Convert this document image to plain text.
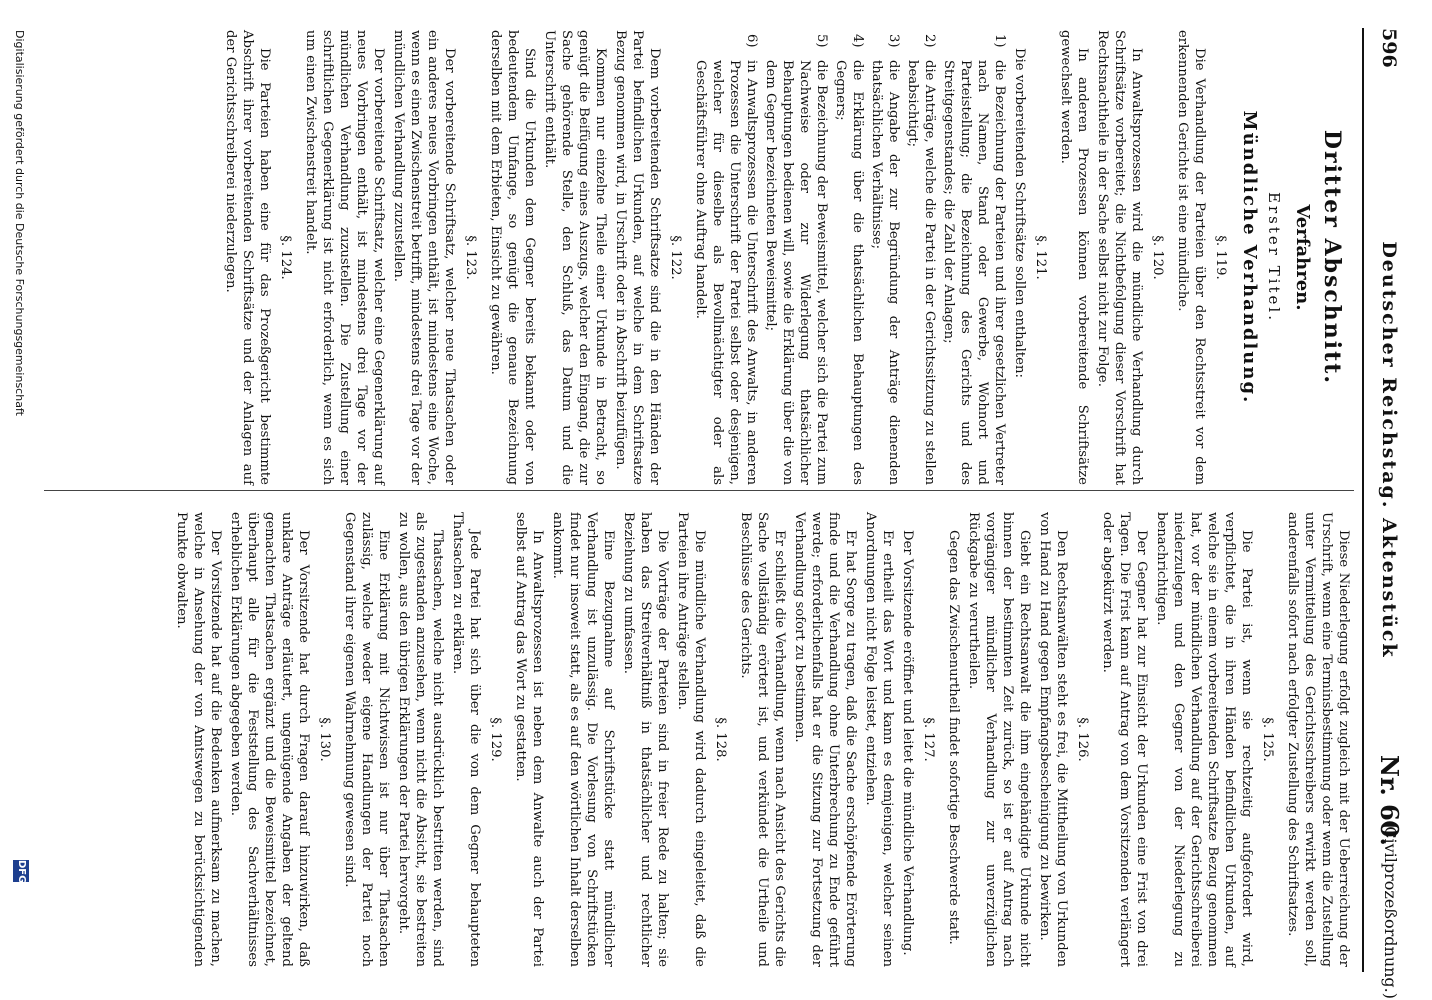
596
Deutscher Reichstag. Aktenstück
Nr. 60.
(Civilprozeßordnung.)

Dritter Abschnitt.

Verfahren.

Erster Titel.

Mündliche Verhandlung.

§. 119.

Die Verhandlung der Parteien über den Rechtsstreit vor dem erkennenden Gerichte ist eine mündliche.

§. 120.

In Anwaltsprozessen wird die mündliche Verhandlung durch Schriftsätze vorbereitet; die Nichtbefolgung dieser Vorschrift hat Rechtsnachtheile in der Sache selbst nicht zur Folge.

In anderen Prozessen können vorbereitende Schriftsätze gewechselt werden.

§. 121.

Die vorbereitenden Schriftsätze sollen enthalten:

1)
die Bezeichnung der Parteien und ihrer gesetzlichen Vertreter nach Namen, Stand oder Gewerbe, Wohnort und Parteistellung; die Bezeichnung des Gerichts und des Streitgegenstandes; die Zahl der Anlagen;

2)
die Anträge, welche die Partei in der Gerichtssitzung zu stellen beabsichtigt;

3)
die Angabe der zur Begründung der Anträge dienenden thatsächlichen Verhältnisse;

4)
die Erklärung über die thatsächlichen Behauptungen des Gegners;

5)
die Bezeichnung der Beweismittel, welcher sich die Partei zum Nachweise oder zur Widerlegung thatsächlicher Behauptungen bedienen will, sowie die Erklärung über die von dem Gegner bezeichneten Beweismittel;

6)
in Anwaltsprozessen die Unterschrift des Anwalts, in anderen Prozessen die Unterschrift der Partei selbst oder desjenigen, welcher für dieselbe als Bevollmächtigter oder als Geschäftsführer ohne Auftrag handelt.

§. 122.

Dem vorbereitenden Schriftsatze sind die in den Händen der Partei befindlichen Urkunden, auf welche in dem Schriftsatze Bezug genommen wird, in Urschrift oder in Abschrift beizufügen.

Kommen nur einzelne Theile einer Urkunde in Betracht, so genügt die Beifügung eines Auszugs, welcher den Eingang, die zur Sache gehörende Stelle, den Schluß, das Datum und die Unterschrift enthält.

Sind die Urkunden dem Gegner bereits bekannt oder von bedeutendem Umfange, so genügt die genaue Bezeichnung derselben mit dem Erbieten, Einsicht zu gewähren.

§. 123.

Der vorbereitende Schriftsatz, welcher neue Thatsachen oder ein anderes neues Vorbringen enthält, ist mindestens eine Woche, wenn es einen Zwischenstreit betrifft, mindestens drei Tage vor der mündlichen Verhandlung zuzustellen.

Der vorbereitende Schriftsatz, welcher eine Gegenerklärung auf neues Vorbringen enthält, ist mindestens drei Tage vor der mündlichen Verhandlung zuzustellen. Die Zustellung einer schriftlichen Gegenerklärung ist nicht erforderlich, wenn es sich um einen Zwischenstreit handelt.

§. 124.

Die Parteien haben eine für das Prozeßgericht bestimmte Abschrift ihrer vorbereitenden Schriftsätze und der Anlagen auf der Gerichtsschreiberei niederzulegen.

Diese Niederlegung erfolgt zugleich mit der Ueberreichung der Urschrift, wenn eine Terminsbestimmung oder wenn die Zustellung unter Vermittelung des Gerichtsschreibers erwirkt werden soll, anderenfalls sofort nach erfolgter Zustellung des Schriftsatzes.

§. 125.

Die Partei ist, wenn sie rechtzeitig aufgefordert wird, verpflichtet, die in ihren Händen befindlichen Urkunden, auf welche sie in einem vorbereitenden Schriftsatze Bezug genommen hat, vor der mündlichen Verhandlung auf der Gerichtsschreiberei niederzulegen und den Gegner von der Niederlegung zu benachrichtigen.

Der Gegner hat zur Einsicht der Urkunden eine Frist von drei Tagen. Die Frist kann auf Antrag von dem Vorsitzenden verlängert oder abgekürzt werden.

§. 126.

Den Rechtsanwälten steht es frei, die Mittheilung von Urkunden von Hand zu Hand gegen Empfangsbescheinigung zu bewirken.

Giebt ein Rechtsanwalt die ihm eingehändigte Urkunde nicht binnen der bestimmten Zeit zurück, so ist er auf Antrag nach vorgängiger mündlicher Verhandlung zur unverzüglichen Rückgabe zu verurtheilen.

Gegen das Zwischenurtheil findet sofortige Beschwerde statt.

§. 127.

Der Vorsitzende eröffnet und leitet die mündliche Verhandlung.

Er ertheilt das Wort und kann es demjenigen, welcher seinen Anordnungen nicht Folge leistet, entziehen.

Er hat Sorge zu tragen, daß die Sache erschöpfende Erörterung finde und die Verhandlung ohne Unterbrechung zu Ende geführt werde; erforderlichenfalls hat er die Sitzung zur Fortsetzung der Verhandlung sofort zu bestimmen.

Er schließt die Verhandlung, wenn nach Ansicht des Gerichts die Sache vollständig erörtert ist, und verkündet die Urtheile und Beschlüsse des Gerichts.

§. 128.

Die mündliche Verhandlung wird dadurch eingeleitet, daß die Parteien ihre Anträge stellen.

Die Vorträge der Parteien sind in freier Rede zu halten; sie haben das Streitverhältniß in thatsächlicher und rechtlicher Beziehung zu umfassen.

Eine Bezugnahme auf Schriftstücke statt mündlicher Verhandlung ist unzulässig. Die Vorlesung von Schriftstücken findet nur insoweit statt, als es auf den wörtlichen Inhalt derselben ankommt.

In Anwaltsprozessen ist neben dem Anwalte auch der Partei selbst auf Antrag das Wort zu gestatten.

§. 129.

Jede Partei hat sich über die von dem Gegner behaupteten Thatsachen zu erklären.

Thatsachen, welche nicht ausdrücklich bestritten werden, sind als zugestanden anzusehen, wenn nicht die Absicht, sie bestreiten zu wollen, aus den übrigen Erklärungen der Partei hervorgeht.

Eine Erklärung mit Nichtwissen ist nur über Thatsachen zulässig, welche weder eigene Handlungen der Partei noch Gegenstand ihrer eigenen Wahrnehmung gewesen sind.

§. 130.

Der Vorsitzende hat durch Fragen darauf hinzuwirken, daß unklare Anträge erläutert, ungenügende Angaben der geltend gemachten Thatsachen ergänzt und die Beweismittel bezeichnet, überhaupt alle für die Feststellung des Sachverhältnisses erheblichen Erklärungen abgegeben werden.

Der Vorsitzende hat auf die Bedenken aufmerksam zu machen, welche in Ansehung der von Amtswegen zu berücksichtigenden Punkte obwalten.

Digitalisierung gefördert durch die Deutsche Forschungsgemeinschaft
DFG
